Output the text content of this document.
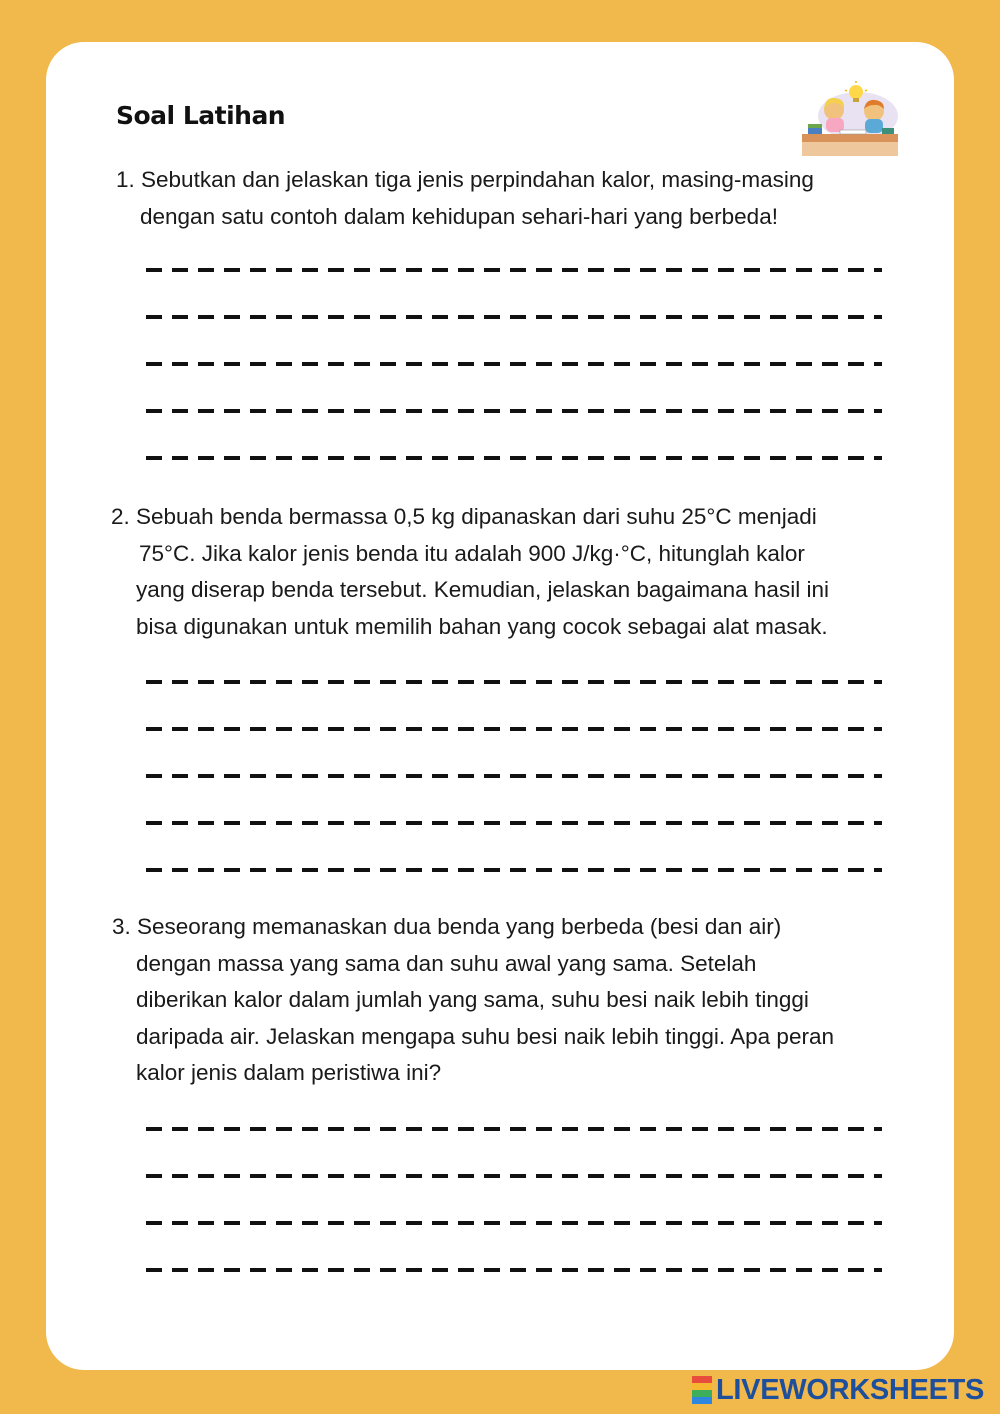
Soal Latihan
1. Sebutkan dan jelaskan tiga jenis perpindahan kalor, masing-masing
dengan satu contoh dalam kehidupan sehari-hari yang berbeda!
2. Sebuah benda bermassa 0,5 kg dipanaskan dari suhu 25°C menjadi
75°C. Jika kalor jenis benda itu adalah 900 J/kg·°C, hitunglah kalor
yang diserap benda tersebut. Kemudian, jelaskan bagaimana hasil ini
bisa digunakan untuk memilih bahan yang cocok sebagai alat masak.
3. Seseorang memanaskan dua benda yang berbeda (besi dan air)
dengan massa yang sama dan suhu awal yang sama. Setelah
diberikan kalor dalam jumlah yang sama, suhu besi naik lebih tinggi
daripada air. Jelaskan mengapa suhu besi naik lebih tinggi. Apa peran
kalor jenis dalam peristiwa ini?
LIVEWORKSHEETS
